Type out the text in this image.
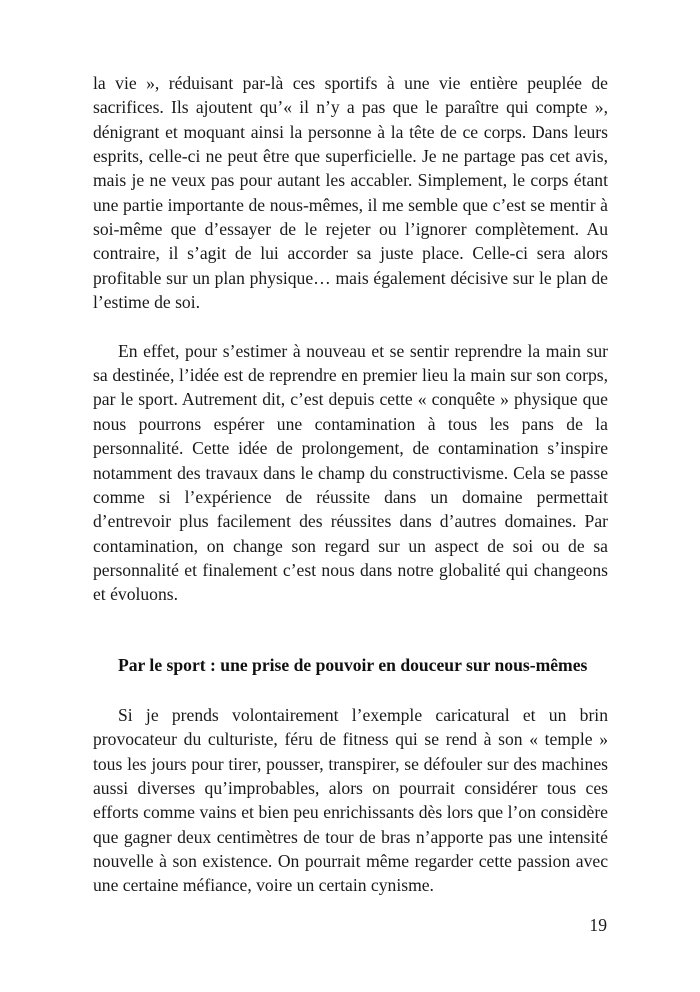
la vie », réduisant par-là ces sportifs à une vie entière peuplée de sacrifices. Ils ajoutent qu’« il n’y a pas que le paraître qui compte », dénigrant et moquant ainsi la personne à la tête de ce corps. Dans leurs esprits, celle-ci ne peut être que superficielle. Je ne partage pas cet avis, mais je ne veux pas pour autant les accabler. Simplement, le corps étant une partie importante de nous-mêmes, il me semble que c’est se mentir à soi-même que d’essayer de le rejeter ou l’ignorer complètement. Au contraire, il s’agit de lui accorder sa juste place. Celle-ci sera alors profitable sur un plan physique… mais également décisive sur le plan de l’estime de soi.

En effet, pour s’estimer à nouveau et se sentir reprendre la main sur sa destinée, l’idée est de reprendre en premier lieu la main sur son corps, par le sport. Autrement dit, c’est depuis cette « conquête » physique que nous pourrons espérer une contamination à tous les pans de la personnalité. Cette idée de prolongement, de contamination s’inspire notamment des travaux dans le champ du constructivisme. Cela se passe comme si l’expérience de réussite dans un domaine permettait d’entrevoir plus facilement des réussites dans d’autres domaines. Par contamination, on change son regard sur un aspect de soi ou de sa personnalité et finalement c’est nous dans notre globalité qui changeons et évoluons.

Par le sport : une prise de pouvoir en douceur sur nous-mêmes

Si je prends volontairement l’exemple caricatural et un brin provocateur du culturiste, féru de fitness qui se rend à son « temple » tous les jours pour tirer, pousser, transpirer, se défouler sur des machines aussi diverses qu’improbables, alors on pourrait considérer tous ces efforts comme vains et bien peu enrichissants dès lors que l’on considère que gagner deux centimètres de tour de bras n’apporte pas une intensité nouvelle à son existence. On pourrait même regarder cette passion avec une certaine méfiance, voire un certain cynisme.

19
